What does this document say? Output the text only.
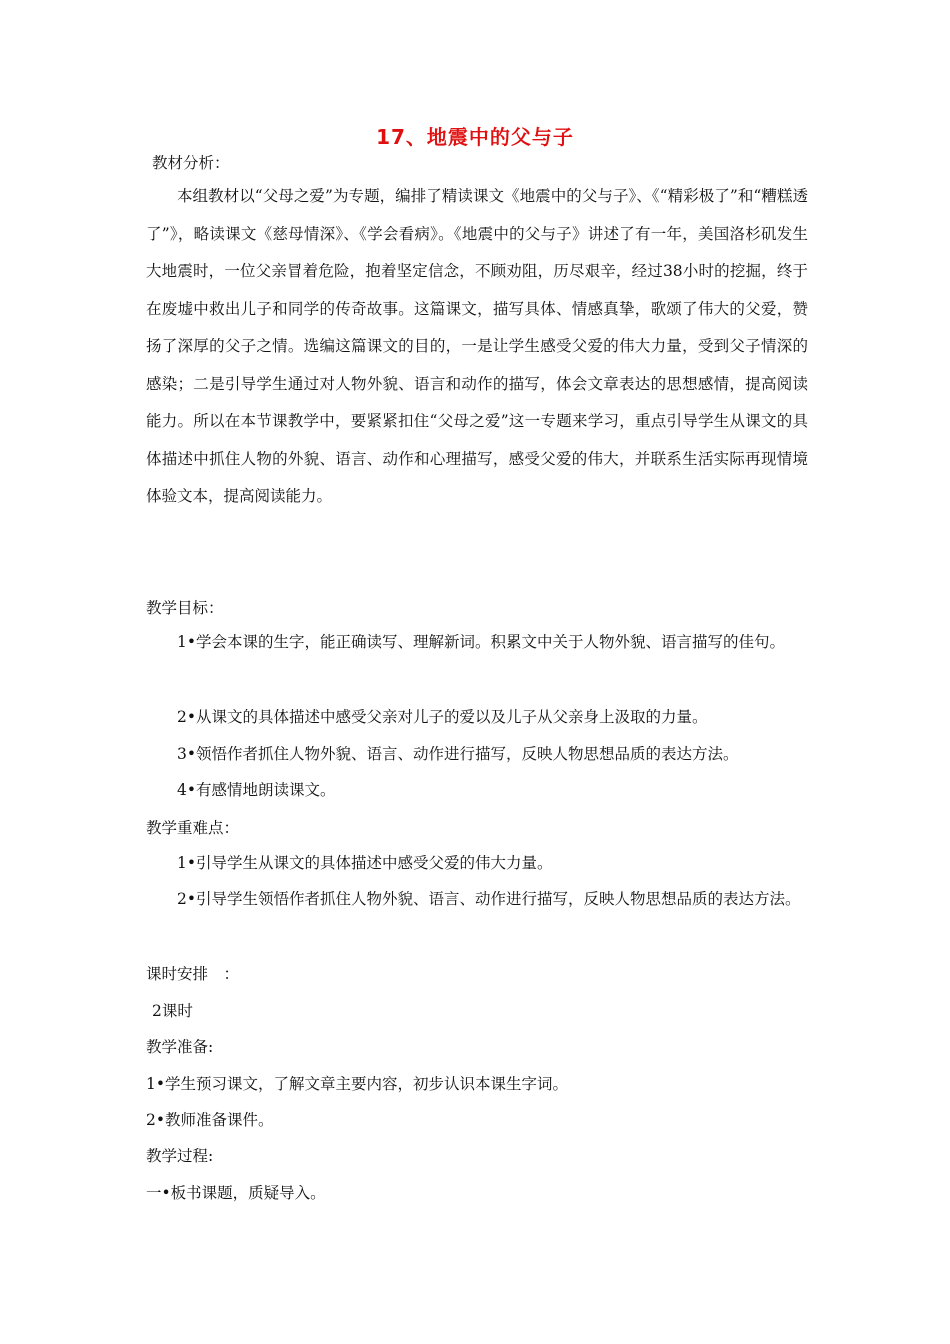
17、地震中的父与子
教材分析：
本组教材以“父母之爱”为专题，编排了精读课文《地震中的父与子》、《“精彩极了”和“糟糕透了”》，略读课文《慈母情深》、《学会看病》。《地震中的父与子》讲述了有一年，美国洛杉矶发生大地震时，一位父亲冒着危险，抱着坚定信念，不顾劝阻，历尽艰辛，经过38小时的挖掘，终于在废墟中救出儿子和同学的传奇故事。这篇课文，描写具体、情感真挚，歌颂了伟大的父爱，赞扬了深厚的父子之情。选编这篇课文的目的，一是让学生感受父爱的伟大力量，受到父子情深的感染；二是引导学生通过对人物外貌、语言和动作的描写，体会文章表达的思想感情，提高阅读能力。所以在本节课教学中，要紧紧扣住“父母之爱”这一专题来学习，重点引导学生从课文的具体描述中抓住人物的外貌、语言、动作和心理描写，感受父爱的伟大，并联系生活实际再现情境体验文本，提高阅读能力。
教学目标：
1•学会本课的生字，能正确读写、理解新词。积累文中关于人物外貌、语言描写的佳句。
2•从课文的具体描述中感受父亲对儿子的爱以及儿子从父亲身上汲取的力量。
3•领悟作者抓住人物外貌、语言、动作进行描写，反映人物思想品质的表达方法。
4•有感情地朗读课文。
教学重难点：
1•引导学生从课文的具体描述中感受父爱的伟大力量。
2•引导学生领悟作者抓住人物外貌、语言、动作进行描写，反映人物思想品质的表达方法。
课时安排　：
2课时
教学准备:
1•学生预习课文，了解文章主要内容，初步认识本课生字词。
2•教师准备课件。
教学过程:
一•板书课题，质疑导入。
